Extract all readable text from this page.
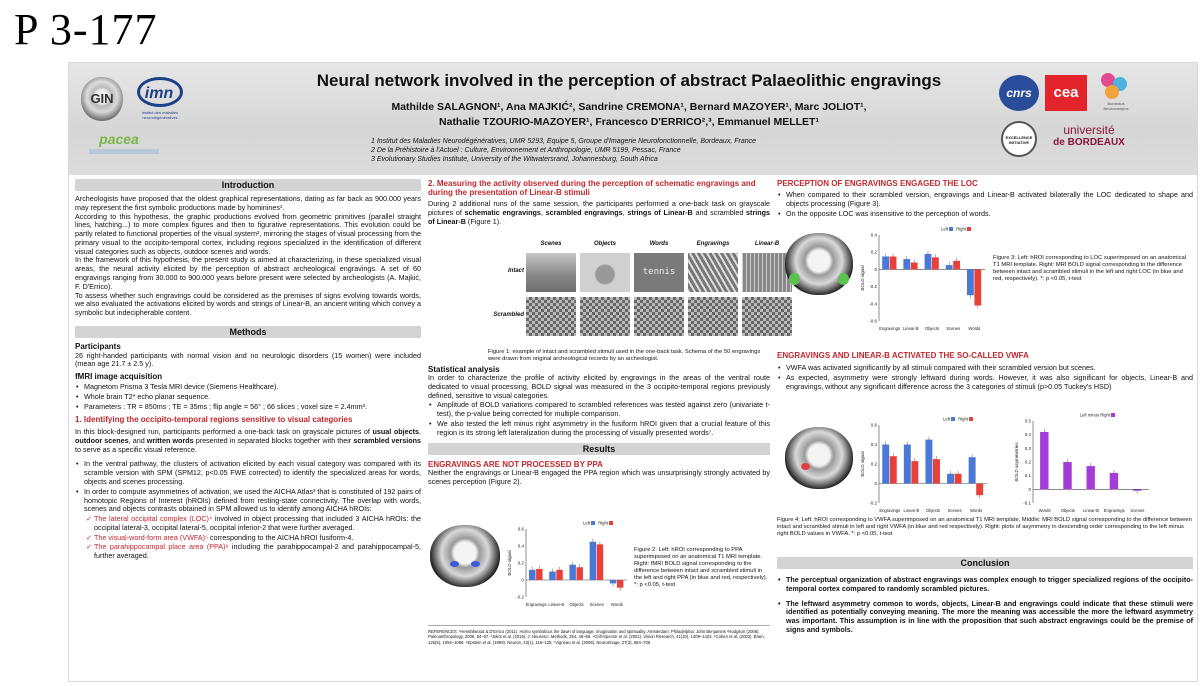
P 3-177
GIN	imn
institut des maladies neurodégénératives
pacea
Neural network involved in the perception of abstract Palaeolithic engravings
Mathilde SALAGNON¹, Ana MAJKIĆ², Sandrine CREMONA¹, Bernard MAZOYER¹, Marc JOLIOT¹,
Nathalie TZOURIO-MAZOYER¹, Francesco D'ERRICO²,³, Emmanuel MELLET¹
1 Institut des Maladies Neurodégénératives, UMR 5293, Equipe 5, Groupe d'Imagerie Neurofonctionnelle, Bordeaux, France
2 De la Préhistoire à l'Actuel : Culture, Environnement et Anthropologie, UMR 5199, Pessac, France
3 Evolutionary Studies Institute, University of the Witwatersrand, Johannesburg, South Africa
cnrs	cea
Bordeaux Neurocampus
EXCELLENCE INITIATIVE
université
de BORDEAUX
Introduction

Archeologists have proposed that the oldest graphical representations, dating as far back as 900.000 years may represent the first symbolic productions made by hominines¹.

According to this hypothesis, the graphic productions evolved from geometric primitives (parallel straight lines, hatching...) to more complex figures and then to figurative representations. This evolution could be partly related to functional properties of the visual system², mirroring the stages of visual processing from the primary visual to the occipito-temporal cortex, including regions specialized in the identification of different visual categories such as objects, outdoor scenes and words.

In the framework of this hypothesis, the present study is aimed at characterizing, in these specialized visual areas, the neural activity elicited by the perception of abstract archeological engravings. A set of 60 engravings ranging from 30.000 to 900.000 years before present were selected by archeologists (A. Majkić, F. D'Errico).

To assess whether such engravings could be considered as the premises of signs evolving towards words, we also evaluated the activations elicited by words and strings of Linear-B, an ancient writing which convey a symbolic but indecipherable content.

Methods

Participants

26 right-handed participants with normal vision and no neurologic disorders (15 women) were included (mean age 21.7 ± 2.5 y).

fMRI image acquisition

• Magnetom Prisma 3 Tesla MRI device (Siemens Healthcare).
• Whole brain T2* echo planar sequence.
• Parameters : TR = 850ms ; TE = 35ms ; flip angle = 56° ; 66 slices ; voxel size = 2.4mm³.

1. Identifying the occipito-temporal regions sensitive to visual categories

In this block-designed run, participants performed a one-back task on grayscale pictures of usual objects, outdoor scenes, and written words presented in separated blocks together with their scrambled versions to serve as a specific visual reference.

• In the ventral pathway, the clusters of activation elicited by each visual category was compared with its scramble version with SPM (SPM12, p<0.05 FWE corrected) to identify the specialized areas for words, objects and scenes processing.
• In order to compute asymmetries of activation, we used the AICHA Atlas³ that is constituted of 192 pairs of homotopic Regions of Interest (hROIs) defined from resting-state connectivity. The overlap with words, scenes and objects contrasts obtained in SPM allowed us to identify among AICHA hROIs:
✓ The lateral occipital complex (LOC)⁴ involved in object processing that included 3 AICHA hROIs: the occipital lateral-3, occipital lateral-5, occipital inferior-2 that were further averaged.
✓ The visual-word-form area (VWFA)⁵ corresponding to the AICHA hROI fusiform-4.
✓ The parahippocampal place area (PPA)⁶ including the parahippocampal-2 and parahippocampal-5, further averaged.

2. Measuring the activity observed during the perception of schematic engravings and during the presentation of Linear-B stimuli

During 2 additional runs of the same session, the participants performed a one-back task on grayscale pictures of schematic engravings, scrambled engravings, strings of Linear-B and scrambled strings of Linear-B (Figure 1).

Scenes	Objects	Words	Engravings	Linear-B
Intact	tennis
Scrambled

Figure 1: example of intact and scrambled stimuli used in the one-back task. Schema of the 50 engravings were drawn from original archeological records by an archeologist.

Statistical analysis

In order to characterize the profile of activity elicited by engravings in the areas of the ventral route dedicated to visual processing, BOLD signal was measured in the 3 occipito-temporal regions previously defined, sensitive to visual categories.

• Amplitude of BOLD variations compared to scrambled references was tested against zero (univariate t-test), the p-value being corrected for multiple comparison.
• We also tested the left minus right asymmetry in the fusiform hROI given that a crucial feature of this region is its strong left lateralization during the processing of visually presented words⁷.
Results

ENGRAVINGS ARE NOT PROCESSED BY PPA

Neither the engravings or Linear-B engaged the PPA region which was unsurprisingly strongly activated by scenes perception (Figure 2).

-0.2
0
0.2
0.4
0.6
BOLD signal
Engravings Linear-B Objects Scenes Words
Left Right

Figure 2: Left: hROI corresponding to PPA superimposed on an anatomical T1 MRI template. Right: fMRI BOLD signal corresponding to the difference between intact and scrambled stimuli in the left and right PPA (in blue and red, respectively). *: p <0.05, t-test

REFERENCES: ¹Henshilwood & D'Errico (2011). Homo symbolicus the dawn of language, imagination and spirituality. Amsterdam; Philadelphia: John Benjamins ²Hodgson (2006). Paleoanthropology, 2006, 54–67. ³Joliot et al. (2015). J. Neurosci. Methods, 254, 46–59. ⁴Grill-Spector et al. (2001). Vision Research, 41(10), 1409–1422. ⁵Cohen et al. (2002). Brain, 125(5), 1054–1069. ⁶Epstein et al. (1999). Neuron, 23(1), 115–125. ⁷Vigneau et al. (2005). NeuroImage, 27(3), 694–705

PERCEPTION OF ENGRAVINGS ENGAGED THE LOC

• When compared to their scrambled version, engravings and Linear-B activated bilaterally the LOC dedicated to shape and objects processing (Figure 3).
• On the opposite LOC was insensitive to the perception of words.
-0.6
-0.4
-0.2
0
0.2
0.4
BOLD signal
Engravings Linear-B Objects Scenes Words
Left Right

Figure 3: Left: hROI corresponding to LOC superimposed on an anatomical T1 MRI template. Right: MRI BOLD signal corresponding to the difference between intact and scrambled stimuli in the left and right LOC (in blue and red, respectively). *: p <0.05, t-test

ENGRAVINGS AND LINEAR-B ACTIVATED THE SO-CALLED VWFA

• VWFA was activated significantly by all stimuli compared with their scrambled version but scenes.
• As expected, asymmetry were strongly leftward during words. However, it was also significant for objects, Linear-B and engravings, without any significant difference across the 3 categories of stimuli (p>0.05 Tuckey's HSD)
-0.2
0
0.2
0.4
0.6
BOLD signal
Engravings Linear-B Objects Scenes Words
Left Right
-0.1
0
0.1
0.2
0.3
0.4
0.5
BOLD asymmetries
Words Objects Linear-B Engravings Scenes
Left minus Right

Figure 4: Left: hROI corresponding to VWFA superimposed on an anatomical T1 MRI template. Middle: MRI BOLD signal corresponding to the difference between intact and scrambled stimuli in left and right VWFA (in blue and red respectively). Right: plots of asymmetry in descending order corresponding to the left minus right BOLD values in VWFA. *: p <0.05, t-test

Conclusion
• The perceptual organization of abstract engravings was complex enough to trigger specialized regions of the occipito-temporal cortex compared to randomly scrambled pictures.
• The leftward asymmetry common to words, objects, Linear-B and engravings could indicate that these stimuli were identified as potentially conveying meaning. The more the meaning was accessible the more the leftward asymmetry was important. This assumption is in line with the proposition that such abstract engravings could be the premise of signs and symbols.
